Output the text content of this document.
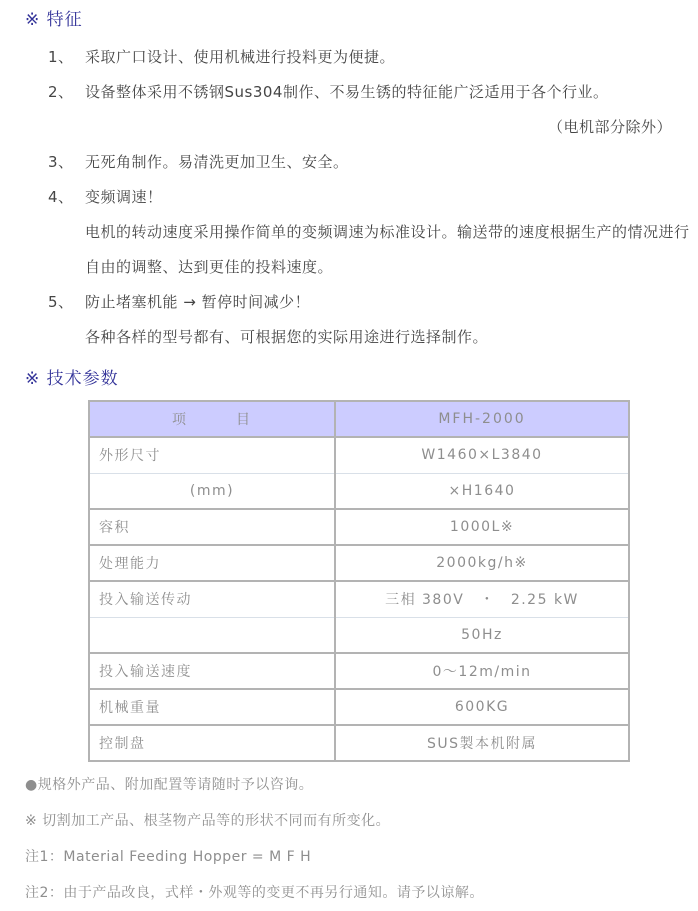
※ 特征
1、 采取广口设计、使用机械进行投料更为便捷。
2、 设备整体采用不锈钢Sus304制作、不易生锈的特征能广泛适用于各个行业。
（电机部分除外）
3、 无死角制作。易清洗更加卫生、安全。
4、 变频调速！
电机的转动速度采用操作简单的变频调速为标准设计。输送带的速度根据生产的情况进行
自由的调整、达到更佳的投料速度。
5、 防止堵塞机能 → 暂停时间减少！
各种各样的型号都有、可根据您的实际用途进行选择制作。
※ 技术参数
项　　　目	MFH-2000
外形尺寸	W1460×L3840
(mm)	×H1640
容积	1000L※
处理能力	2000kg/h※
投入输送传动	三相 380V　・　2.25 kW
	50Hz
投入输送速度	0～12m/min
机械重量	600KG
控制盘	SUS製本机附属
●规格外产品、附加配置等请随时予以咨询。
※ 切割加工产品、根茎物产品等的形状不同而有所变化。
注1：Material Feeding Hopper = M F H
注2：由于产品改良，式样・外观等的变更不再另行通知。请予以谅解。
